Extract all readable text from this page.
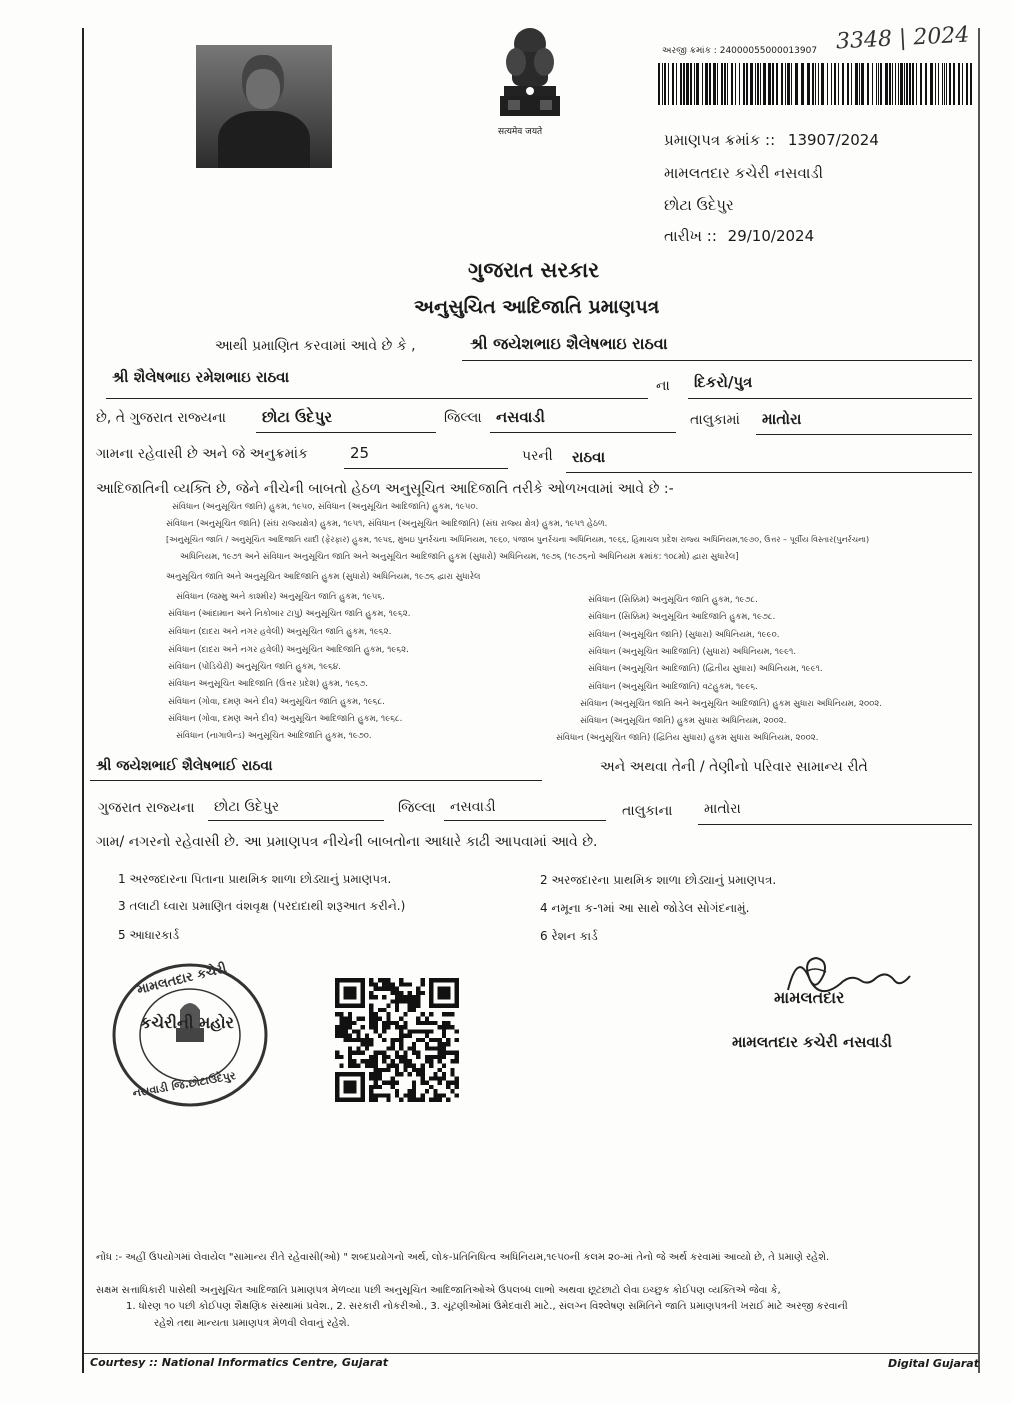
सत्यमेव जयते
અરજી ક્રમાંક : 24000055000013907 3348 | 2024
પ્રમાણપત્ર ક્રમાંક :: 13907/2024
મામલતદાર કચેરી નસવાડી
છોટા ઉદેપુર
તારીખ :: 29/10/2024
ગુજરાત સરકાર
અનુસુચિત આદિજાતિ પ્રમાણપત્ર
આથી પ્રમાણિત કરવામાં આવે છે કે ,	શ્રી જયેશભાઇ શૈલેષભાઇ રાઠવા
શ્રી શૈલેષભાઇ રમેશભાઇ રાઠવા	ના દિકરો/પુત્ર
છે, તે ગુજરાત રાજ્યના છોટા ઉદેપુર	જિલ્લા નસવાડી	તાલુકામાં માતોરા
ગામના રહેવાસી છે અને જે અનુક્રમાંક	25	પરની રાઠવા
આદિજાતિની વ્યક્તિ છે, જેને નીચેની બાબતો હેઠળ અનુસૂચિત આદિજાતિ તરીકે ઓળખવામાં આવે છે :-
સંવિધાન (અનુસૂચિત જાતિ) હુકમ, ૧૯૫૦, સંવિધાન (અનુસૂચિત આદિજાતિ) હુકમ, ૧૯૫૦.
સંવિધાન (અનુસૂચિત જાતિ) (સંઘ રાજ્યક્ષેત્ર) હુકમ, ૧૯૫૧, સંવિધાન (અનુસૂચિત આદિજાતિ) (સંઘ રાજ્ય ક્ષેત્ર) હુકમ, ૧૯૫૧ હેઠળ.
[અનુસૂચિત જાતિ / અનુસૂચિત આદિજાતિ યાદી (ફેરફાર) હુકમ, ૧૯૫૬, મુંબઇ પુનર્રચના અધિનિયમ, ૧૯૬૦, પંજાબ પુનર્રચના અધિનિયમ, ૧૯૬૬, હિમાચલ પ્રદેશ રાજ્ય અધિનિયમ,૧૯૭૦, ઉત્તર – પૂર્વીય વિસ્તાર(પુનર્રચના)
અધિનિયમ, ૧૯૭૧ અને સંવિધાન અનુસૂચિત જાતિ અને અનુસૂચિત આદિજાતિ હુકમ (સુધારો) અધિનિયમ, ૧૯૭૬ (૧૯૭૬નો અધિનિયમ ક્રમાંક: ૧૦૮મો) દ્વારા સુધારેલ]
અનુસૂચિત જાતિ અને અનુસૂચિત આદિજાતિ હુકમ (સુધારો) અધિનિયમ, ૧૯૭૬ દ્વારા સુધારેલ
સંવિધાન (જમ્મુ અને કાશ્મીર) અનુસૂચિત જાતિ હુકમ, ૧૯૫૬.
સંવિધાન (આંદામાન અને નિકોબાર ટાપુ) અનુસૂચિત જાતિ હુકમ, ૧૯૬૨.
સંવિધાન (દાદરા અને નગર હવેલી) અનુસૂચિત જાતિ હુકમ, ૧૯૬૨.
સંવિધાન (દાદરા અને નગર હવેલી) અનુસૂચિત આદિજાતિ હુકમ, ૧૯૬૨.
સંવિધાન (પોંડિચેરી) અનુસૂચિત જાતિ હુકમ, ૧૯૬૪.
સંવિધાન અનુસૂચિત આદિજાતિ (ઉત્તર પ્રદેશ) હુકમ, ૧૯૬૭.
સંવિધાન (ગોવા, દમણ અને દીવ) અનુસૂચિત જાતિ હુકમ, ૧૯૬૮.
સંવિધાન (ગોવા, દમણ અને દીવ) અનુસૂચિત આદિજાતિ હુકમ, ૧૯૬૮.
સંવિધાન (નાગાલેન્ડ) અનુસૂચિત આદિજાતિ હુકમ, ૧૯૭૦.
સંવિધાન (સિક્કિમ) અનુસૂચિત જાતિ હુકમ, ૧૯૭૮.
સંવિધાન (સિક્કિમ) અનુસૂચિત આદિજાતિ હુકમ, ૧૯૭૮.
સંવિધાન (અનુસૂચિત જાતિ) (સુધારા) અધિનિયમ, ૧૯૯૦.
સંવિધાન (અનુસૂચિત આદિજાતિ) (સુધારા) અધિનિયમ, ૧૯૯૧.
સંવિધાન (અનુસૂચિત આદિજાતિ) (દ્વિતીય સુધારા) અધિનિયમ, ૧૯૯૧.
સંવિધાન (અનુસૂચિત આદિજાતિ) વટહુકમ, ૧૯૯૬.
સંવિધાન (અનુસૂચિત જાતિ અને અનુસૂચિત આદિજાતિ) હુકમ સુધારા અધિનિયમ, ૨૦૦૨.
સંવિધાન (અનુસૂચિત જાતિ) હુકમ સુધારા અધિનિયમ, ૨૦૦૨.
સંવિધાન (અનુસૂચિત જાતિ) (દ્વિતિય સુધારા) હુકમ સુધારા અધિનિયમ, ૨૦૦૨.
શ્રી જયેશભાઈ શૈલેષભાઈ રાઠવા	અને અથવા તેની / તેણીનો પરિવાર સામાન્ય રીતે
ગુજરાત રાજ્યના છોટા ઉદેપુર	જિલ્લા નસવાડી	તાલુકાના માતોરા
ગામ/ નગરનો રહેવાસી છે. આ પ્રમાણપત્ર નીચેની બાબતોના આધારે કાઢી આપવામાં આવે છે.
1 અરજદારના પિતાના પ્રાથમિક શાળા છોડ્યાનું પ્રમાણપત્ર.	2 અરજદારના પ્રાથમિક શાળા છોડ્યાનું પ્રમાણપત્ર.
3 તલાટી ધ્વારા પ્રમાણિત વંશવૃક્ષ (પરદાદાથી શરૂઆત કરીને.)	4 નમૂના ક-૧માં આ સાથે જોડેલ સોગંદનામું.
5 આધારકાર્ડ	6 રેશન કાર્ડ
મામલતદાર કચેરી
કચેરીની મહોર
નસવાડી જિ.છોટાઉદેપુર
મામલતદાર
મામલતદાર કચેરી નસવાડી
નોંધ :- અહીં ઉપયોગમાં લેવાયેલ "સામાન્ય રીતે રહેવાસી(ઓ) " શબ્દપ્રયોગનો અર્થ, લોક-પ્રતિનિધિત્વ અધિનિયમ,૧૯૫૦ની કલમ ૨૦-માં તેનો જે અર્થ કરવામાં આવ્યો છે, તે પ્રમાણે રહેશે.
સક્ષમ સત્તાધિકારી પાસેથી અનુસૂચિત આદિજાતિ પ્રમાણપત્ર મેળવ્યા પછી અનુસૂચિત આદિજાતિઓએ ઉપલબ્ધ લાભો અથવા છૂટછાટો લેવા ઇચ્છુક કોઈપણ વ્યક્તિએ જેવા કે,
1. ધોરણ ૧૦ પછી કોઈપણ શૈક્ષણિક સંસ્થામાં પ્રવેશ., 2. સરકારી નોકરીઓ., 3. ચૂંટણીઓમાં ઉમેદવારી માટે., સંલગ્ન વિશ્લેષણ સમિતિને જાતિ પ્રમાણપત્રની ખરાઈ માટે અરજી કરવાની
રહેશે તથા માન્યતા પ્રમાણપત્ર મેળવી લેવાનું રહેશે.
Courtesy :: National Informatics Centre, Gujarat	Digital Gujarat
